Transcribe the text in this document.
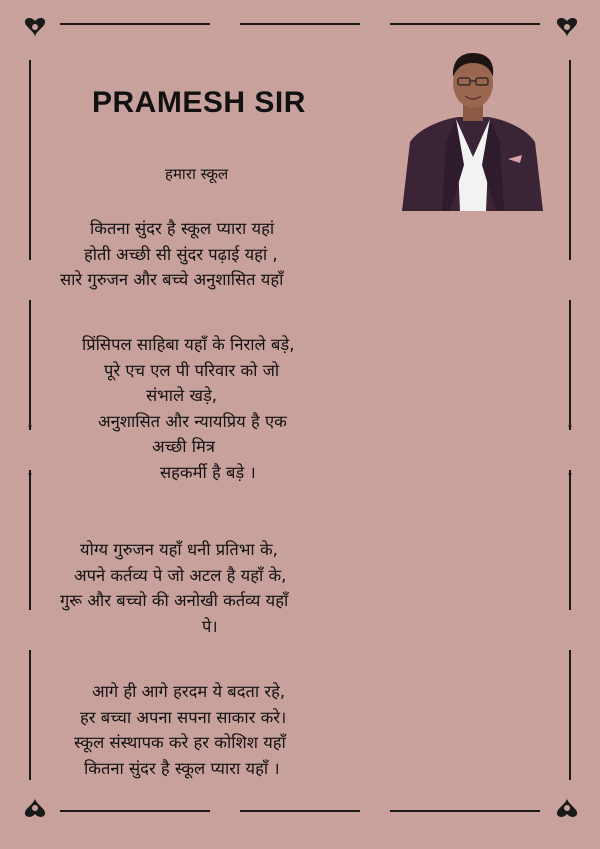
PRAMESH SIR
हमारा स्कूल
कितना सुंदर है स्कूल प्यारा यहां
होती अच्छी सी सुंदर पढ़ाई यहां ,
सारे गुरुजन और बच्चे अनुशासित यहाँ
प्रिंसिपल साहिबा यहाँ के निराले बड़े,
पूरे एच एल पी परिवार को जो
संभाले खड़े,
अनुशासित और न्यायप्रिय है एक
अच्छी मित्र
सहकर्मी है बड़े ।
योग्य गुरुजन यहाँ धनी प्रतिभा के,
अपने कर्तव्य पे जो अटल है यहाँ के,
गुरू और बच्चो की अनोखी कर्तव्य यहाँ
पे।
आगे ही आगे हरदम ये बदता रहे,
हर बच्चा अपना सपना साकार करे।
स्कूल संस्थापक करे हर कोशिश यहाँ
कितना सुंदर है स्कूल प्यारा यहाँ ।
